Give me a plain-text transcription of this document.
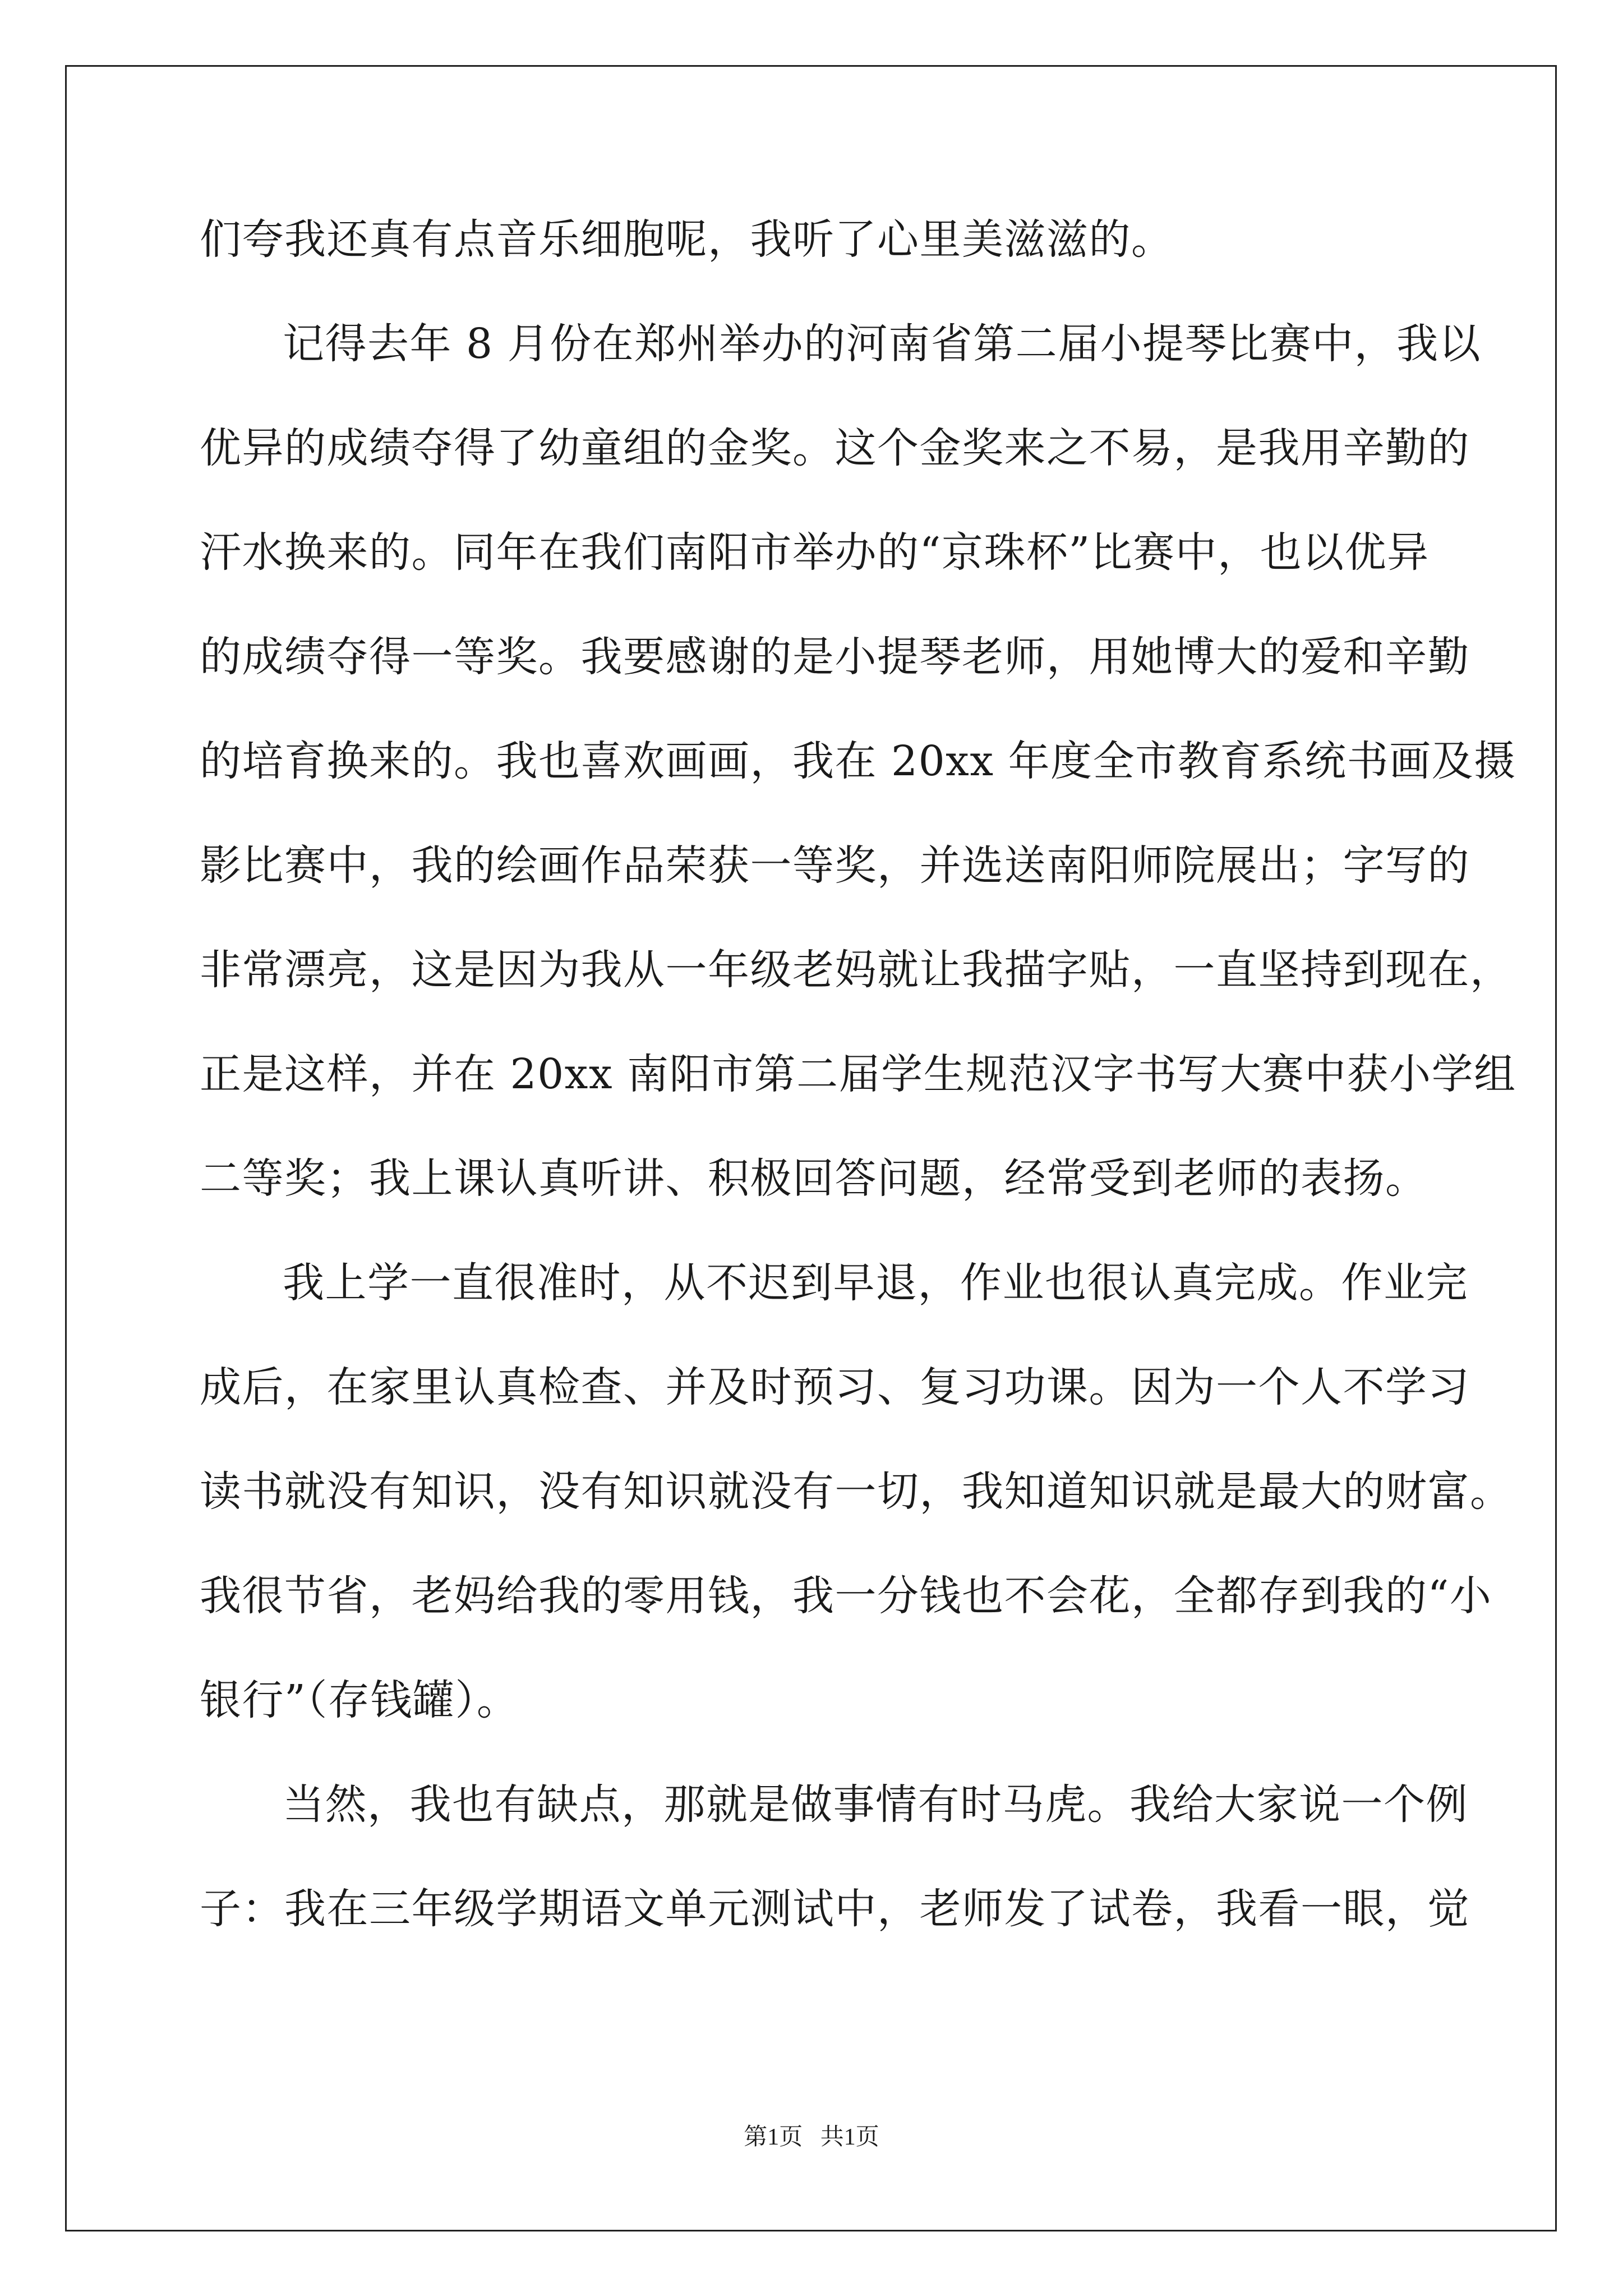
们夸我还真有点音乐细胞呢，我听了心里美滋滋的。
记得去年 8 月份在郑州举办的河南省第二届小提琴比赛中，我以
优异的成绩夺得了幼童组的金奖。这个金奖来之不易，是我用辛勤的
汗水换来的。同年在我们南阳市举办的“京珠杯”比赛中，也以优异
的成绩夺得一等奖。我要感谢的是小提琴老师，用她博大的爱和辛勤
的培育换来的。我也喜欢画画，我在 20xx 年度全市教育系统书画及摄
影比赛中，我的绘画作品荣获一等奖，并选送南阳师院展出；字写的
非常漂亮，这是因为我从一年级老妈就让我描字贴，一直坚持到现在，
正是这样，并在 20xx 南阳市第二届学生规范汉字书写大赛中获小学组
二等奖；我上课认真听讲、积极回答问题，经常受到老师的表扬。
我上学一直很准时，从不迟到早退，作业也很认真完成。作业完
成后，在家里认真检查、并及时预习、复习功课。因为一个人不学习
读书就没有知识，没有知识就没有一切，我知道知识就是最大的财富。
我很节省，老妈给我的零用钱，我一分钱也不会花，全都存到我的“小
银行”（存钱罐）。
当然，我也有缺点，那就是做事情有时马虎。我给大家说一个例
子：我在三年级学期语文单元测试中，老师发了试卷，我看一眼，觉
第1页   共1页
